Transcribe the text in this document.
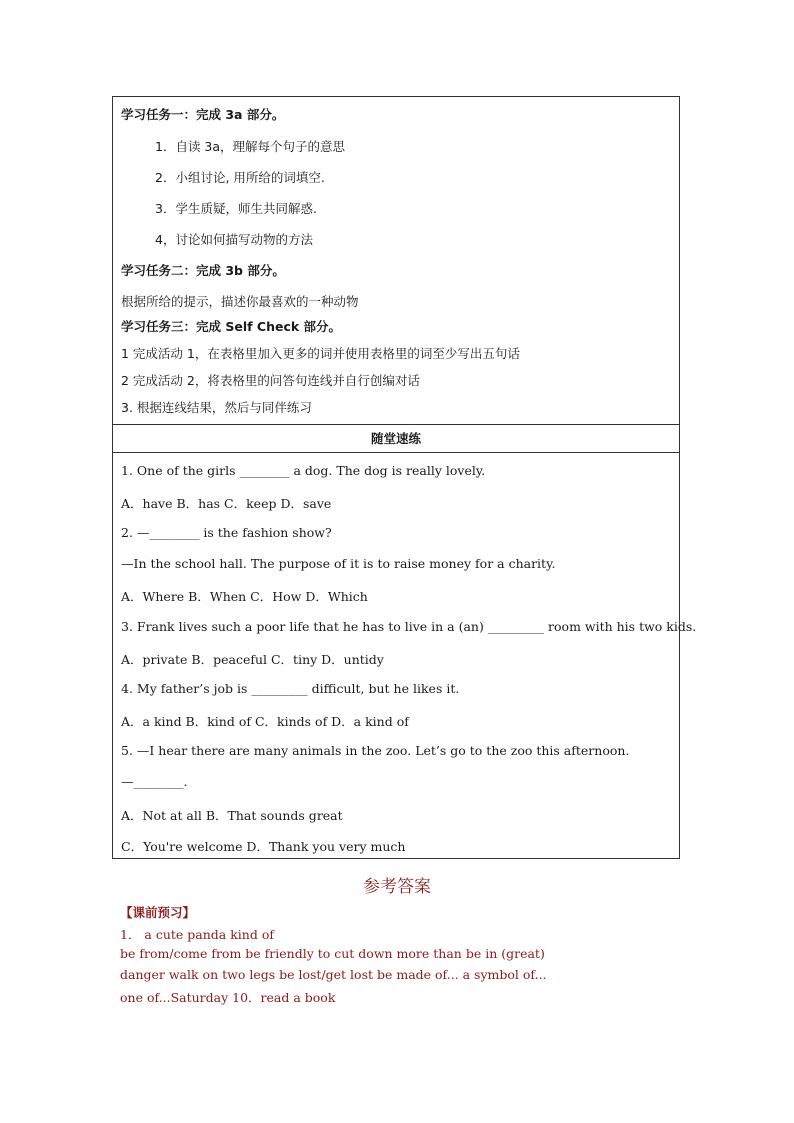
学习任务一：完成 3a 部分。
1．自读 3a，理解每个句子的意思
2．小组讨论, 用所给的词填空.
3．学生质疑，师生共同解惑.
4，讨论如何描写动物的方法
学习任务二：完成 3b 部分。
根据所给的提示，描述你最喜欢的一种动物
学习任务三：完成 Self Check 部分。
1 完成活动 1，在表格里加入更多的词并使用表格里的词至少写出五句话
2 完成活动 2，将表格里的问答句连线并自行创编对话
3. 根据连线结果，然后与同伴练习
随堂速练
1. One of the girls ________ a dog. The dog is really lovely.
A．have B．has C．keep D．save
2. —________ is the fashion show?
—In the school hall. The purpose of it is to raise money for a charity.
A．Where B．When C．How D．Which
3. Frank lives such a poor life that he has to live in a (an) _________ room with his two kids.
A．private B．peaceful C．tiny D．untidy
4. My father’s job is _________ difficult, but he likes it.
A．a kind B．kind of C．kinds of D．a kind of
5. —I hear there are many animals in the zoo. Let’s go to the zoo this afternoon.
—________.
A．Not at all B．That sounds great
C．You're welcome D．Thank you very much
参考答案
【课前预习】
1． a cute panda kind of
be from/come from be friendly to cut down more than be in (great)
danger walk on two legs be lost/get lost be made of... a symbol of...
one of...Saturday 10．read a book
